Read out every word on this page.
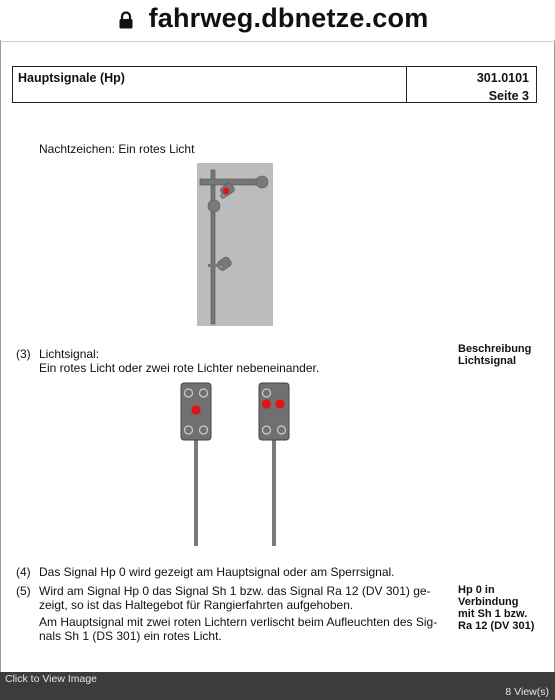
fahrweg.dbnetze.com
Hauptsignale (Hp)	301.0101
Seite 3
Nachtzeichen: Ein rotes Licht
(3) Lichtsignal:
Ein rotes Licht oder zwei rote Lichter nebeneinander.
Beschreibung
Lichtsignal
(4) Das Signal Hp 0 wird gezeigt am Hauptsignal oder am Sperrsignal.
(5) Wird am Signal Hp 0 das Signal Sh 1 bzw. das Signal Ra 12 (DV 301) ge-
zeigt, so ist das Haltegebot für Rangierfahrten aufgehoben.
Am Hauptsignal mit zwei roten Lichtern verlischt beim Aufleuchten des Sig-
nals Sh 1 (DS 301) ein rotes Licht.
Hp 0 in
Verbindung
mit Sh 1 bzw.
Ra 12 (DV 301)
Click to View Image
8 View(s)
